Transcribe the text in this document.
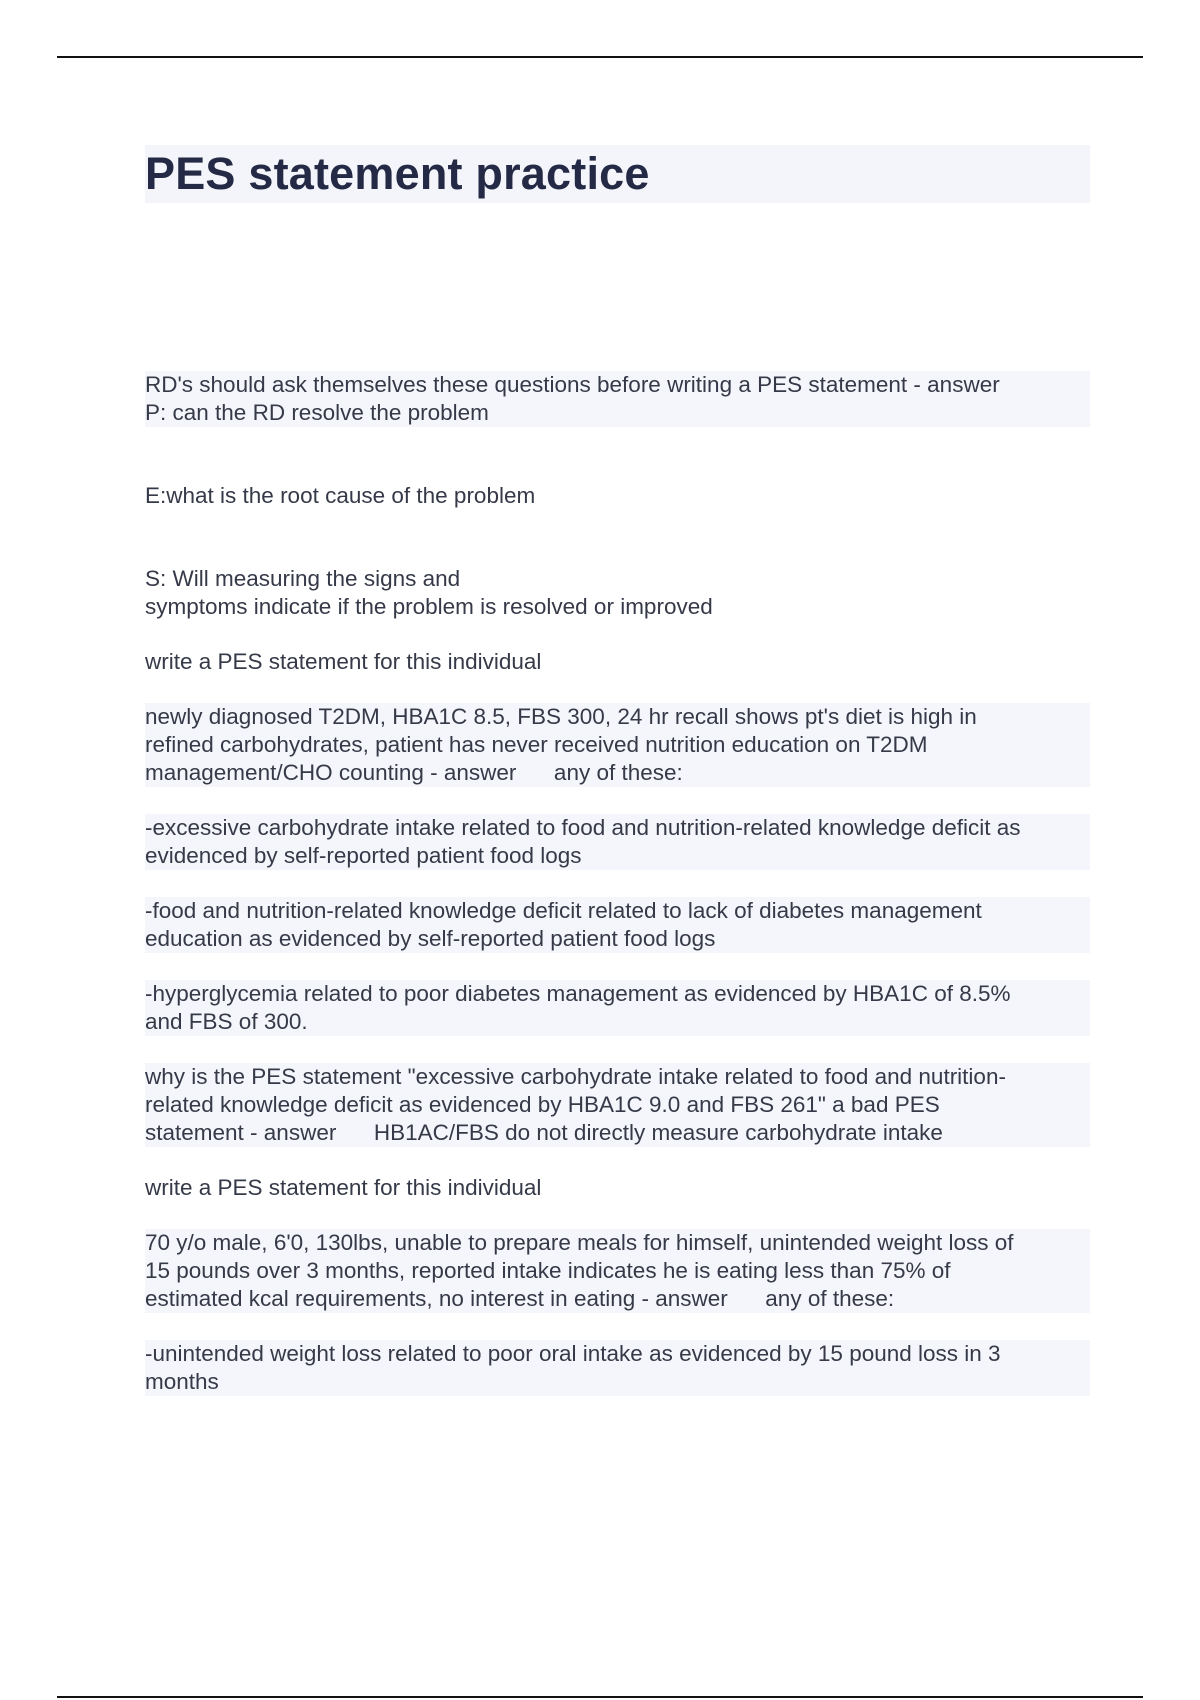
PES statement practice

RD's should ask themselves these questions before writing a PES statement - answer
P: can the RD resolve the problem

E:what is the root cause of the problem

S: Will measuring the signs and
symptoms indicate if the problem is resolved or improved

write a PES statement for this individual

newly diagnosed T2DM, HBA1C 8.5, FBS 300, 24 hr recall shows pt's diet is high in
refined carbohydrates, patient has never received nutrition education on T2DM
management/CHO counting - answer      any of these:

-excessive carbohydrate intake related to food and nutrition-related knowledge deficit as
evidenced by self-reported patient food logs

-food and nutrition-related knowledge deficit related to lack of diabetes management
education as evidenced by self-reported patient food logs

-hyperglycemia related to poor diabetes management as evidenced by HBA1C of 8.5%
and FBS of 300.

why is the PES statement "excessive carbohydrate intake related to food and nutrition-
related knowledge deficit as evidenced by HBA1C 9.0 and FBS 261" a bad PES
statement - answer      HB1AC/FBS do not directly measure carbohydrate intake

write a PES statement for this individual

70 y/o male, 6'0, 130lbs, unable to prepare meals for himself, unintended weight loss of
15 pounds over 3 months, reported intake indicates he is eating less than 75% of
estimated kcal requirements, no interest in eating - answer      any of these:

-unintended weight loss related to poor oral intake as evidenced by 15 pound loss in 3
months
